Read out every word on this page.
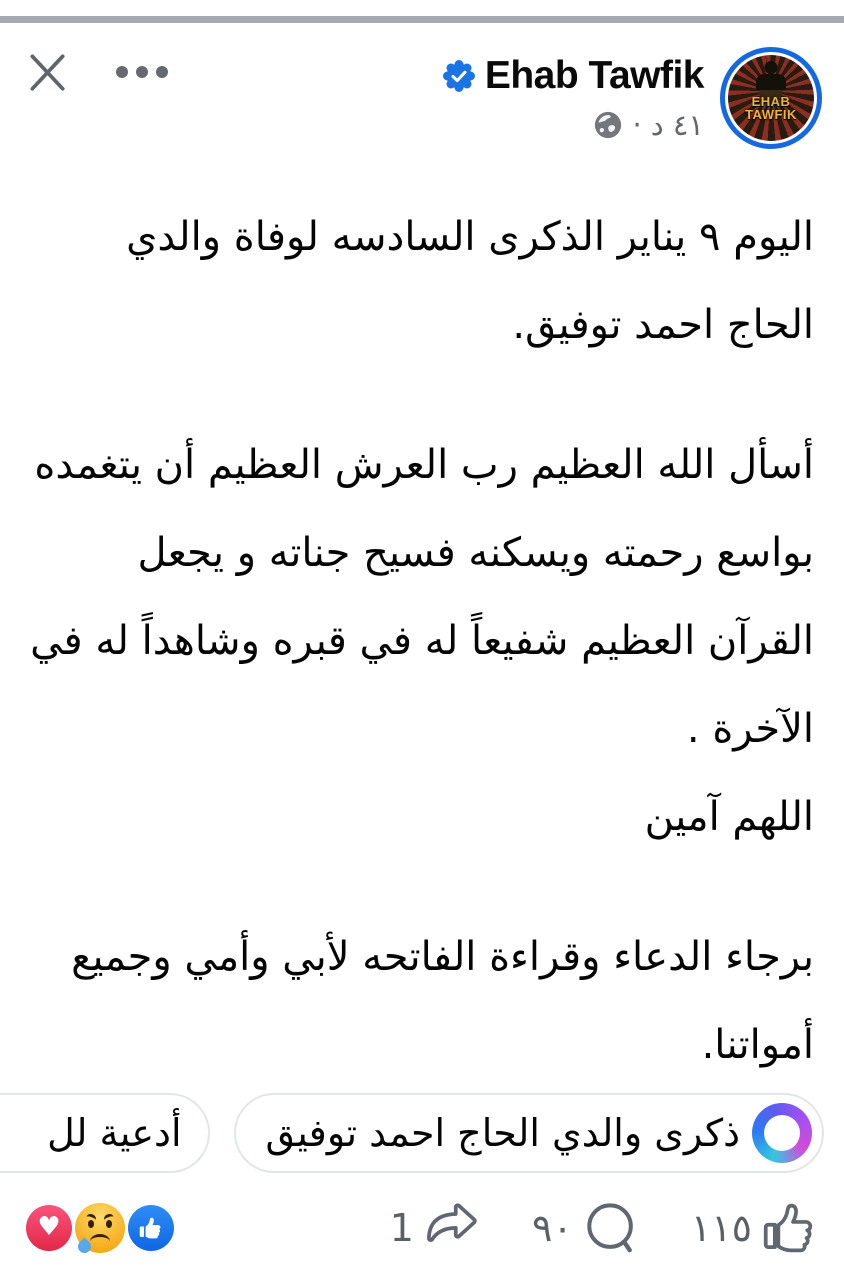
EHAB
TAWFIK
Ehab Tawfik
٤١ د
·

اليوم ٩ يناير الذكرى السادسه لوفاة والدي الحاج احمد توفيق.

أسأل الله العظيم رب العرش العظيم أن يتغمده بواسع رحمته ويسكنه فسيح جناته و يجعل القرآن العظيم شفيعاً له في قبره وشاهداً له في الآخرة .
اللهم آمين

برجاء الدعاء وقراءة الفاتحه لأبي وأمي وجميع أمواتنا.

ذكرى والدي الحاج احمد توفيق
أدعية لل
١١٥
٩٠
1
♥
